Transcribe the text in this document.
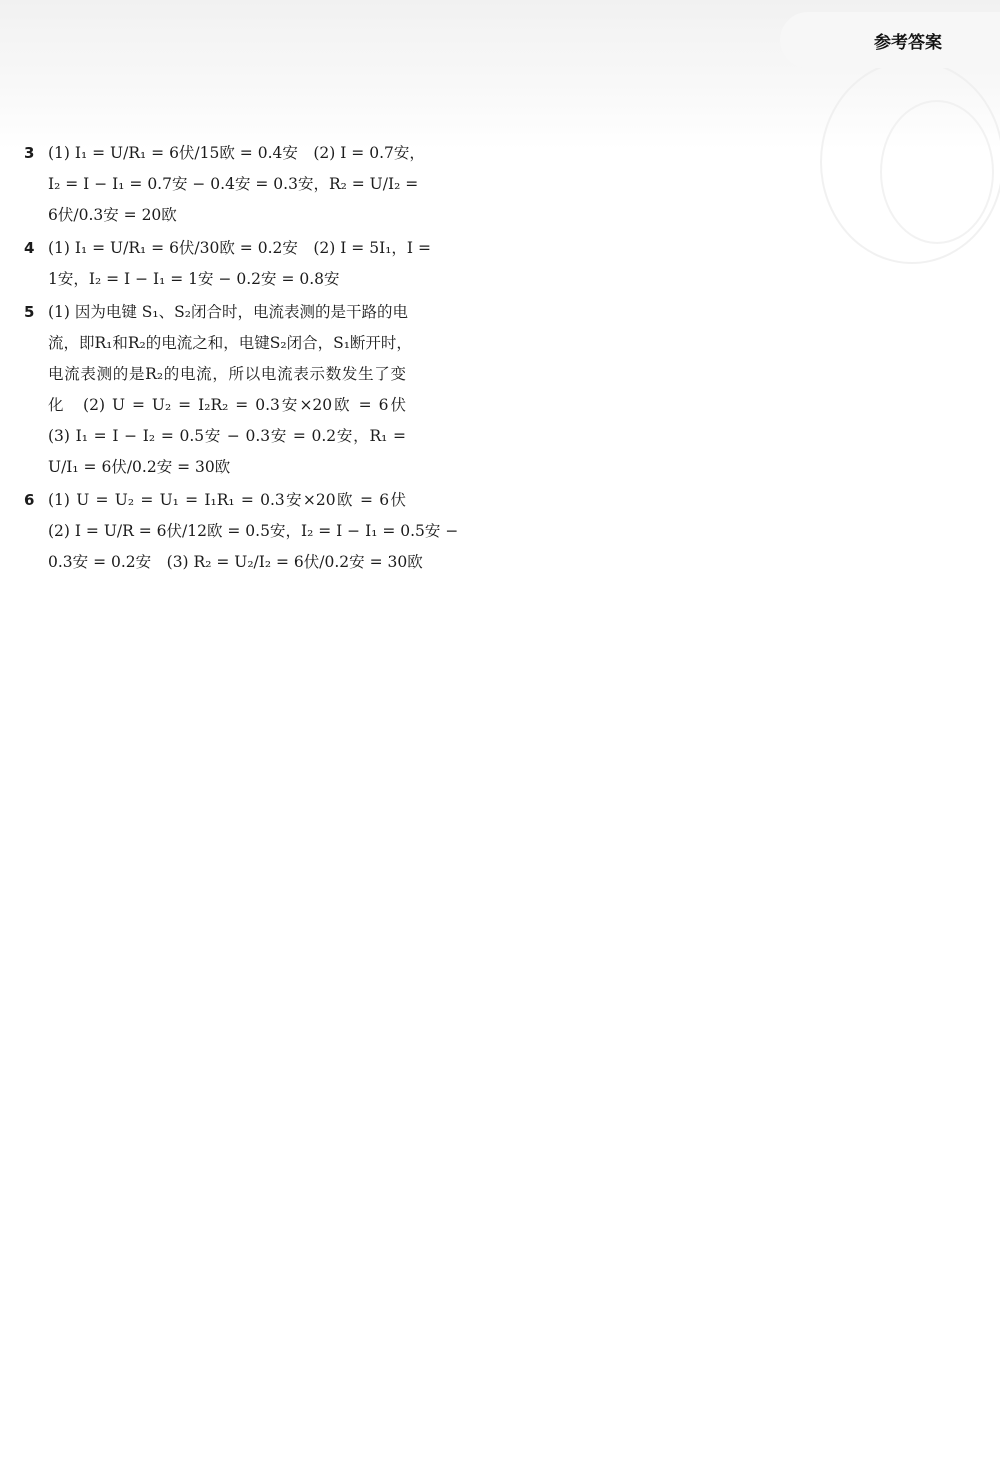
参考答案
3 (1) I₁ = U/R₁ = 6伏/15欧 = 0.4安　(2) I = 0.7安，
I₂ = I − I₁ = 0.7安 − 0.4安 = 0.3安，R₂ = U/I₂ =
6伏/0.3安 = 20欧
4 (1) I₁ = U/R₁ = 6伏/30欧 = 0.2安　(2) I = 5I₁，I =
1安，I₂ = I − I₁ = 1安 − 0.2安 = 0.8安
5 (1) 因为电键 S₁、S₂闭合时，电流表测的是干路的电
流，即R₁和R₂的电流之和，电键S₂闭合，S₁断开时，
电流表测的是R₂的电流，所以电流表示数发生了变
化　(2) U = U₂ = I₂R₂ = 0.3安×20欧 = 6伏
(3) I₁ = I − I₂ = 0.5安 − 0.3安 = 0.2安，R₁ =
U/I₁ = 6伏/0.2安 = 30欧
6 (1) U = U₂ = U₁ = I₁R₁ = 0.3安×20欧 = 6伏
(2) I = U/R = 6伏/12欧 = 0.5安，I₂ = I − I₁ = 0.5安 −
0.3安 = 0.2安　(3) R₂ = U₂/I₂ = 6伏/0.2安 = 30欧
